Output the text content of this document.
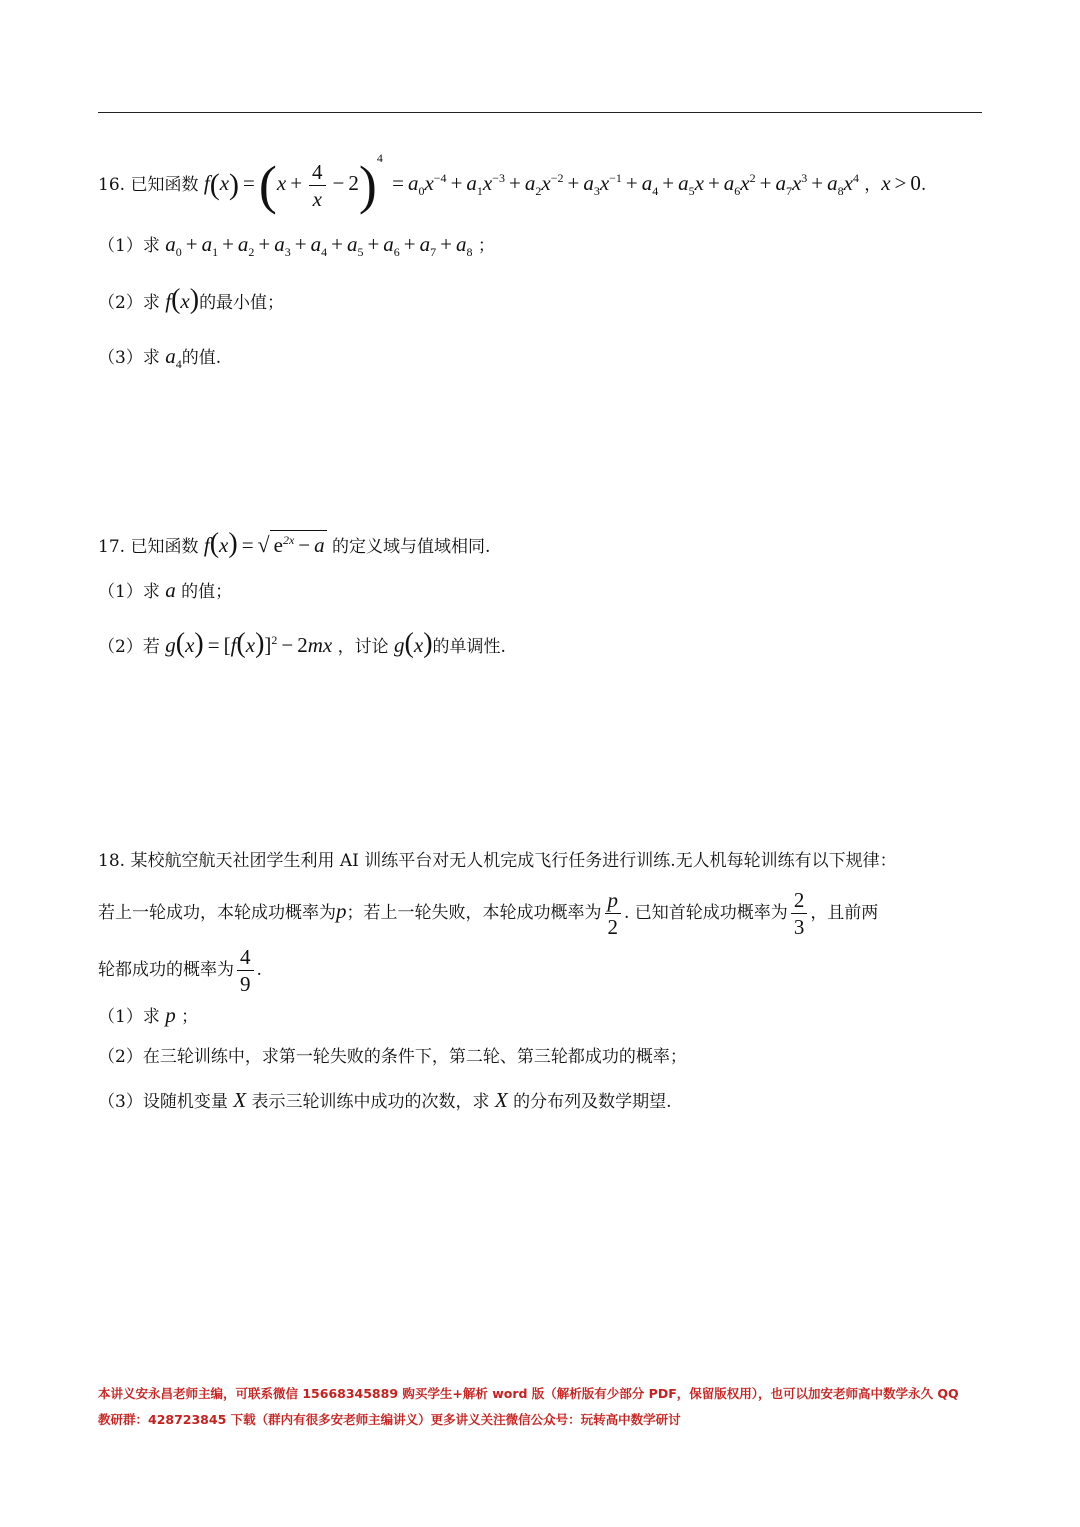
16. 已知函数 $f(x) =(x + \frac{4}{x} - 2)^4 = a_0x^{-4} + a_1x^{-3} + a_2x^{-2} + a_3x^{-1} + a_4 + a_5x + a_6x^2 + a_7x^3 + a_8x^4$ ，x > 0.
（1）求 $a_0 + a_1 + a_2 + a_3 + a_4 + a_5 + a_6 + a_7 + a_8$ ；
（2）求 f(x)的最小值；
（3）求 $a_4$的值.
17. 已知函数 f(x) = √ $e^{2x} - a$ 的定义域与值域相同.
（1）求 a 的值；
（2）若 $g(x) = [f(x)]^2 - 2mx$ ，讨论 g(x)的单调性.
18. 某校航空航天社团学生利用 AI 训练平台对无人机完成飞行任务进行训练.无人机每轮训练有以下规律：
若上一轮成功，本轮成功概率为p；若上一轮失败，本轮成功概率为 $\frac{p}{2}$ . 已知首轮成功概率为 $\frac{2}{3}$ ，且前两
轮都成功的概率为 $\frac{4}{9}$ .
（1）求 p ；
（2）在三轮训练中，求第一轮失败的条件下，第二轮、第三轮都成功的概率；
（3）设随机变量 X 表示三轮训练中成功的次数，求 X 的分布列及数学期望.
本讲义安永昌老师主编，可联系微信 15668345889 购买学生+解析 word 版（解析版有少部分 PDF，保留版权用），也可以加安老师高中数学永久 QQ
教研群：428723845 下载（群内有很多安老师主编讲义）更多讲义关注微信公众号：玩转高中数学研讨
